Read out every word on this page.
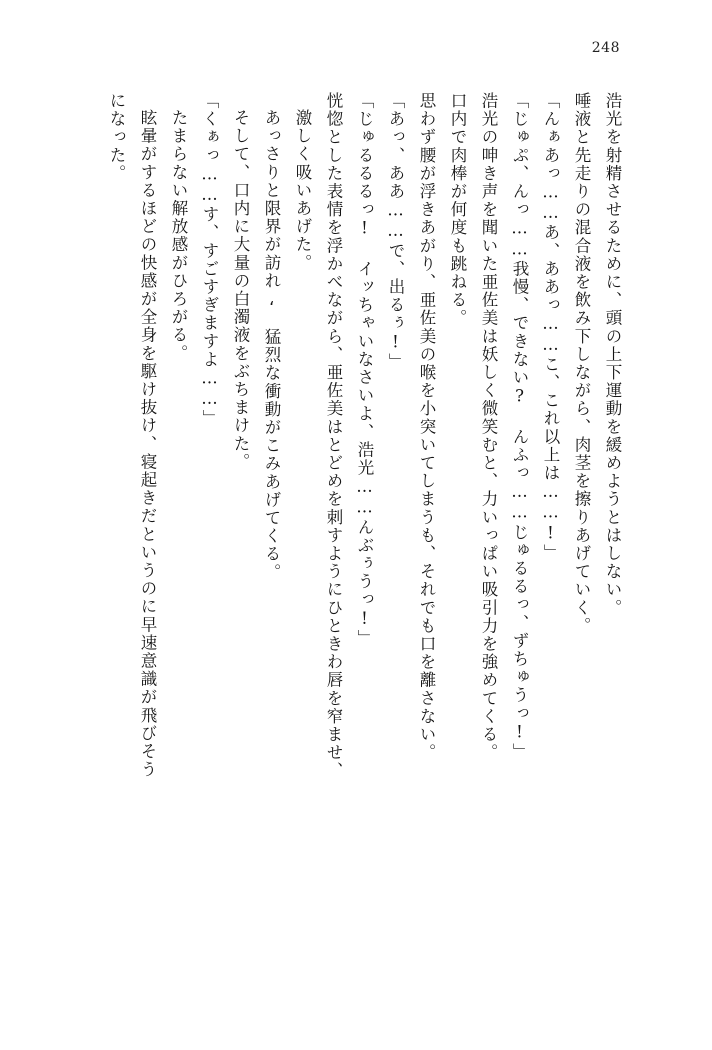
248
浩光を射精させるために、頭の上下運動を緩めようとはしない。
唾液と先走りの混合液を飲み下しながら、肉茎を擦りあげていく。
「んぁあっ……あ、ああっ……こ、これ以上は……!」
「じゅぷ、んっ……我慢、できない? んふっ……じゅるるっ、ずちゅうっ!」
浩光の呻き声を聞いた亜佐美は妖しく微笑むと、力いっぱい吸引力を強めてくる。
口内で肉棒が何度も跳ねる。
思わず腰が浮きあがり、亜佐美の喉を小突いてしまうも、それでも口を離さない。
「あっ、ああ……で、出るぅ!」
「じゅるるるっ! イッちゃいなさいよ、浩光……んぶぅうっ!」
恍惚とした表情を浮かべながら、亜佐美はとどめを刺すようにひときわ唇を窄ませ、
激しく吸いあげた。
あっさりと限界が訪れ، 猛烈な衝動がこみあげてくる。
そして、口内に大量の白濁液をぶちまけた。
「くぁっ……す、すごすぎますよ……」
たまらない解放感がひろがる。
眩暈がするほどの快感が全身を駆け抜け、寝起きだというのに早速意識が飛びそう
になった。
